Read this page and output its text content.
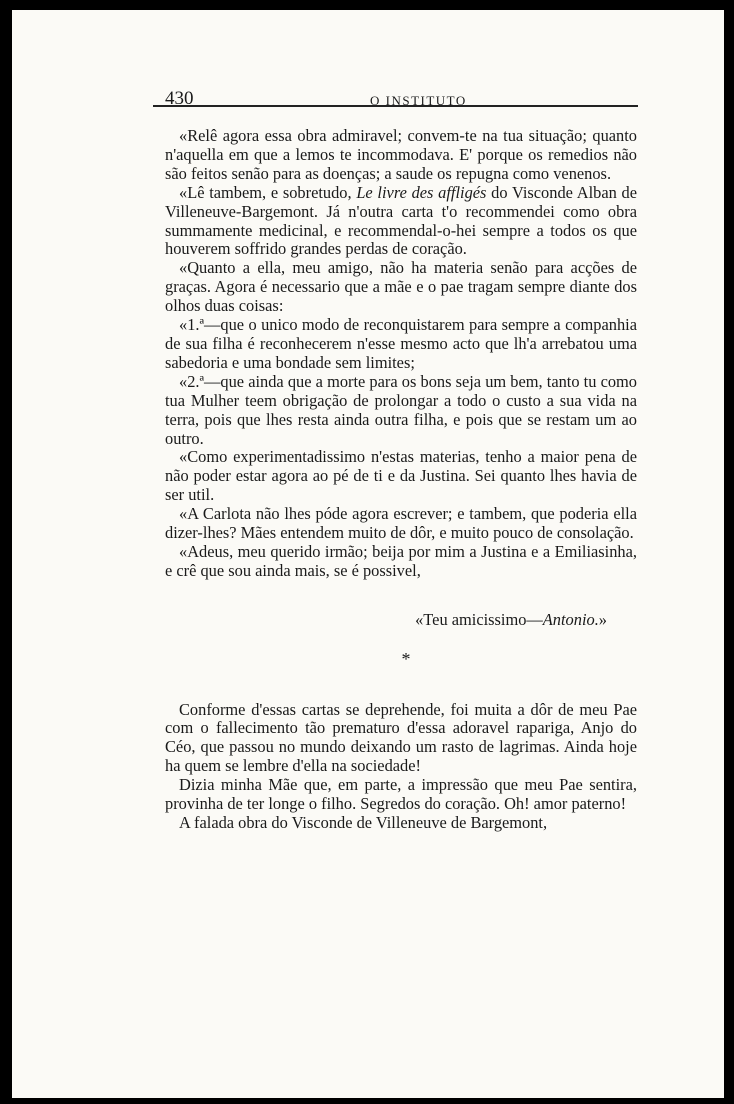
430	O INSTITUTO

«Relê agora essa obra admiravel; convem-te na tua situação; quanto n'aquella em que a lemos te incommodava. E' porque os remedios não são feitos senão para as doenças; a saude os repugna como venenos.

«Lê tambem, e sobretudo, Le livre des affligés do Visconde Alban de Villeneuve-Bargemont. Já n'outra carta t'o recommendei como obra summamente medicinal, e recommendal-o-hei sempre a todos os que houverem soffrido grandes perdas de coração.

«Quanto a ella, meu amigo, não ha materia senão para acções de graças. Agora é necessario que a mãe e o pae tragam sempre diante dos olhos duas coisas:

«1.ª—que o unico modo de reconquistarem para sempre a companhia de sua filha é reconhecerem n'esse mesmo acto que lh'a arrebatou uma sabedoria e uma bondade sem limites;

«2.ª—que ainda que a morte para os bons seja um bem, tanto tu como tua Mulher teem obrigação de prolongar a todo o custo a sua vida na terra, pois que lhes resta ainda outra filha, e pois que se restam um ao outro.

«Como experimentadissimo n'estas materias, tenho a maior pena de não poder estar agora ao pé de ti e da Justina. Sei quanto lhes havia de ser util.

«A Carlota não lhes póde agora escrever; e tambem, que poderia ella dizer-lhes? Mães entendem muito de dôr, e muito pouco de consolação.

«Adeus, meu querido irmão; beija por mim a Justina e a Emiliasinha, e crê que sou ainda mais, se é possivel,

«Teu amicissimo—Antonio.»

*

Conforme d'essas cartas se deprehende, foi muita a dôr de meu Pae com o fallecimento tão prematuro d'essa adoravel rapariga, Anjo do Céo, que passou no mundo deixando um rasto de lagrimas. Ainda hoje ha quem se lembre d'ella na sociedade!

Dizia minha Mãe que, em parte, a impressão que meu Pae sentira, provinha de ter longe o filho. Segredos do coração. Oh! amor paterno!

A falada obra do Visconde de Villeneuve de Bargemont,
